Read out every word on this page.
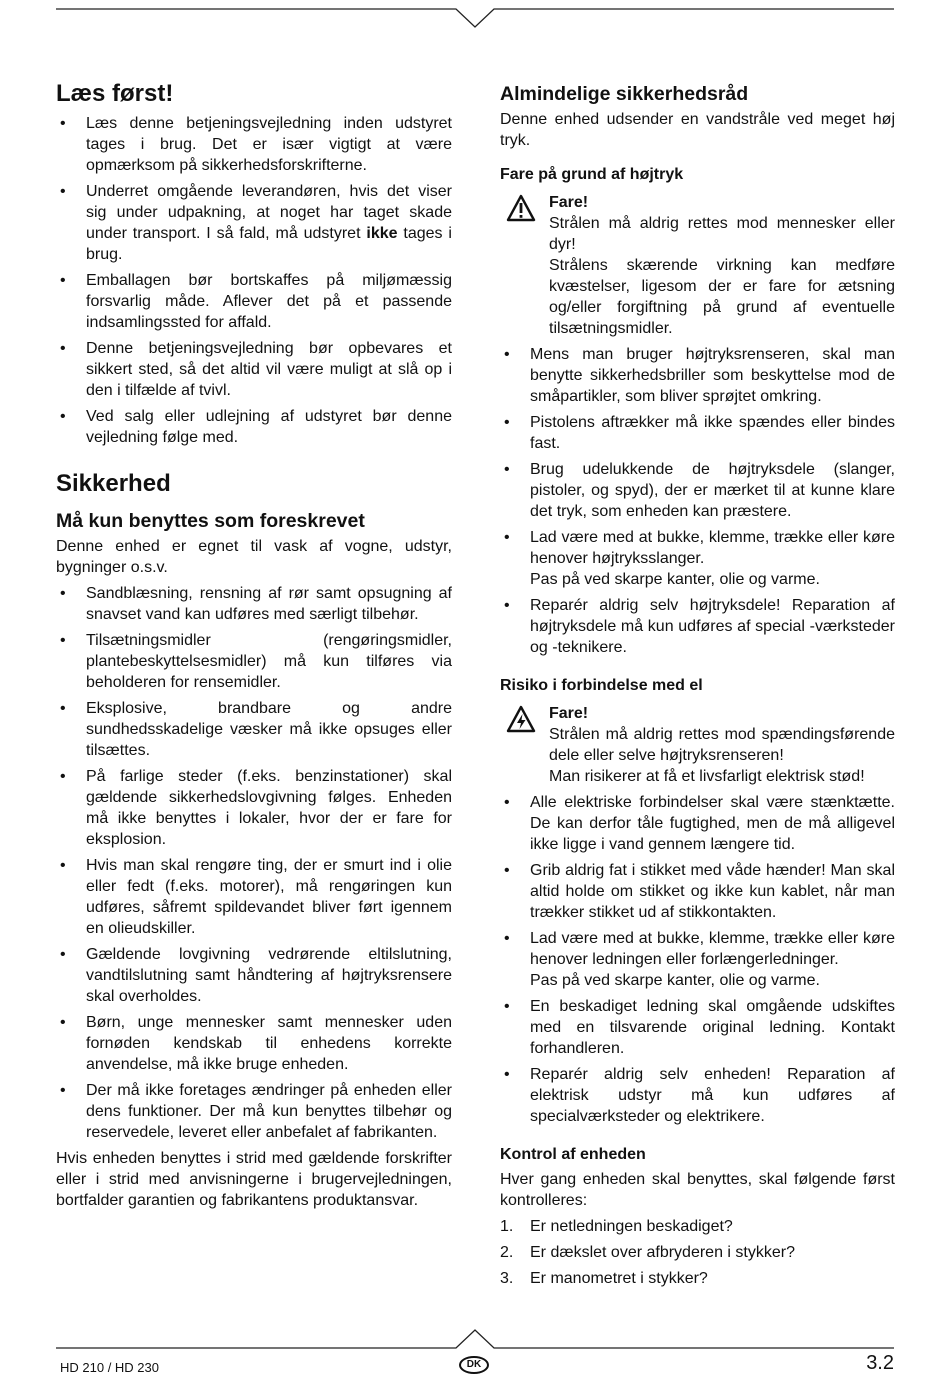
Læs først!
• Læs denne betjeningsvejledning inden udstyret tages i brug. Det er især vigtigt at være opmærksom på sikkerhedsforskrifterne.
• Underret omgående leverandøren, hvis det viser sig under udpakning, at noget har taget skade under transport. I så fald, må udstyret ikke tages i brug.
• Emballagen bør bortskaffes på miljømæssig forsvarlig måde. Aflever det på et passende indsamlingssted for affald.
• Denne betjeningsvejledning bør opbevares et sikkert sted, så det altid vil være muligt at slå op i den i tilfælde af tvivl.
• Ved salg eller udlejning af udstyret bør denne vejledning følge med.
Sikkerhed
Må kun benyttes som foreskrevet

Denne enhed er egnet til vask af vogne, udstyr, bygninger o.s.v.

• Sandblæsning, rensning af rør samt opsugning af snavset vand kan udføres med særligt tilbehør.
• Tilsætningsmidler (rengøringsmidler, plantebeskyttelsesmidler) må kun tilføres via beholderen for rensemidler.
• Eksplosive, brandbare og andre sundhedsskadelige væsker må ikke opsuges eller tilsættes.
• På farlige steder (f.eks. benzinstationer) skal gældende sikkerhedslovgivning følges. Enheden må ikke benyttes i lokaler, hvor der er fare for eksplosion.
• Hvis man skal rengøre ting, der er smurt ind i olie eller fedt (f.eks. motorer), må rengøringen kun udføres, såfremt spildevandet bliver ført igennem en olieudskiller.
• Gældende lovgivning vedrørende eltilslutning, vandtilslutning samt håndtering af højtryksrensere skal overholdes.
• Børn, unge mennesker samt mennesker uden fornøden kendskab til enhedens korrekte anvendelse, må ikke bruge enheden.
• Der må ikke foretages ændringer på enheden eller dens funktioner. Der må kun benyttes tilbehør og reservedele, leveret eller anbefalet af fabrikanten.

Hvis enheden benyttes i strid med gældende forskrifter eller i strid med anvisningerne i brugervejledningen, bortfalder garantien og fabrikantens produktansvar.

Almindelige sikkerhedsråd

Denne enhed udsender en vandstråle ved meget høj tryk.

Fare på grund af højtryk
Fare!
Strålen må aldrig rettes mod mennesker eller dyr!
Strålens skærende virkning kan medføre kvæstelser, ligesom der er fare for ætsning og/eller forgiftning på grund af eventuelle tilsætningsmidler.
• Mens man bruger højtryksrenseren, skal man benytte sikkerhedsbriller som beskyttelse mod de småpartikler, som bliver sprøjtet omkring.
• Pistolens aftrækker må ikke spændes eller bindes fast.
• Brug udelukkende de højtryksdele (slanger, pistoler, og spyd), der er mærket til at kunne klare det tryk, som enheden kan præstere.
• Lad være med at bukke, klemme, trække eller køre henover højtryksslanger.
Pas på ved skarpe kanter, olie og varme.
• Reparér aldrig selv højtryksdele! Reparation af højtryksdele må kun udføres af special -værksteder og -teknikere.
Risiko i forbindelse med el
Fare!
Strålen må aldrig rettes mod spændingsførende dele eller selve højtryksrenseren!
Man risikerer at få et livsfarligt elektrisk stød!
• Alle elektriske forbindelser skal være stænktætte. De kan derfor tåle fugtighed, men de må alligevel ikke ligge i vand gennem længere tid.
• Grib aldrig fat i stikket med våde hænder! Man skal altid holde om stikket og ikke kun kablet, når man trækker stikket ud af stikkontakten.
• Lad være med at bukke, klemme, trække eller køre henover ledningen eller forlængerledninger.
Pas på ved skarpe kanter, olie og varme.
• En beskadiget ledning skal omgående udskiftes med en tilsvarende original ledning. Kontakt forhandleren.
• Reparér aldrig selv enheden! Reparation af elektrisk udstyr må kun udføres af specialværksteder og elektrikere.
Kontrol af enheden

Hver gang enheden skal benyttes, skal følgende først kontrolleres:

1. Er netledningen beskadiget?
2. Er dækslet over afbryderen i stykker?
3. Er manometret i stykker?
HD 210 / HD 230	DK	3.2
